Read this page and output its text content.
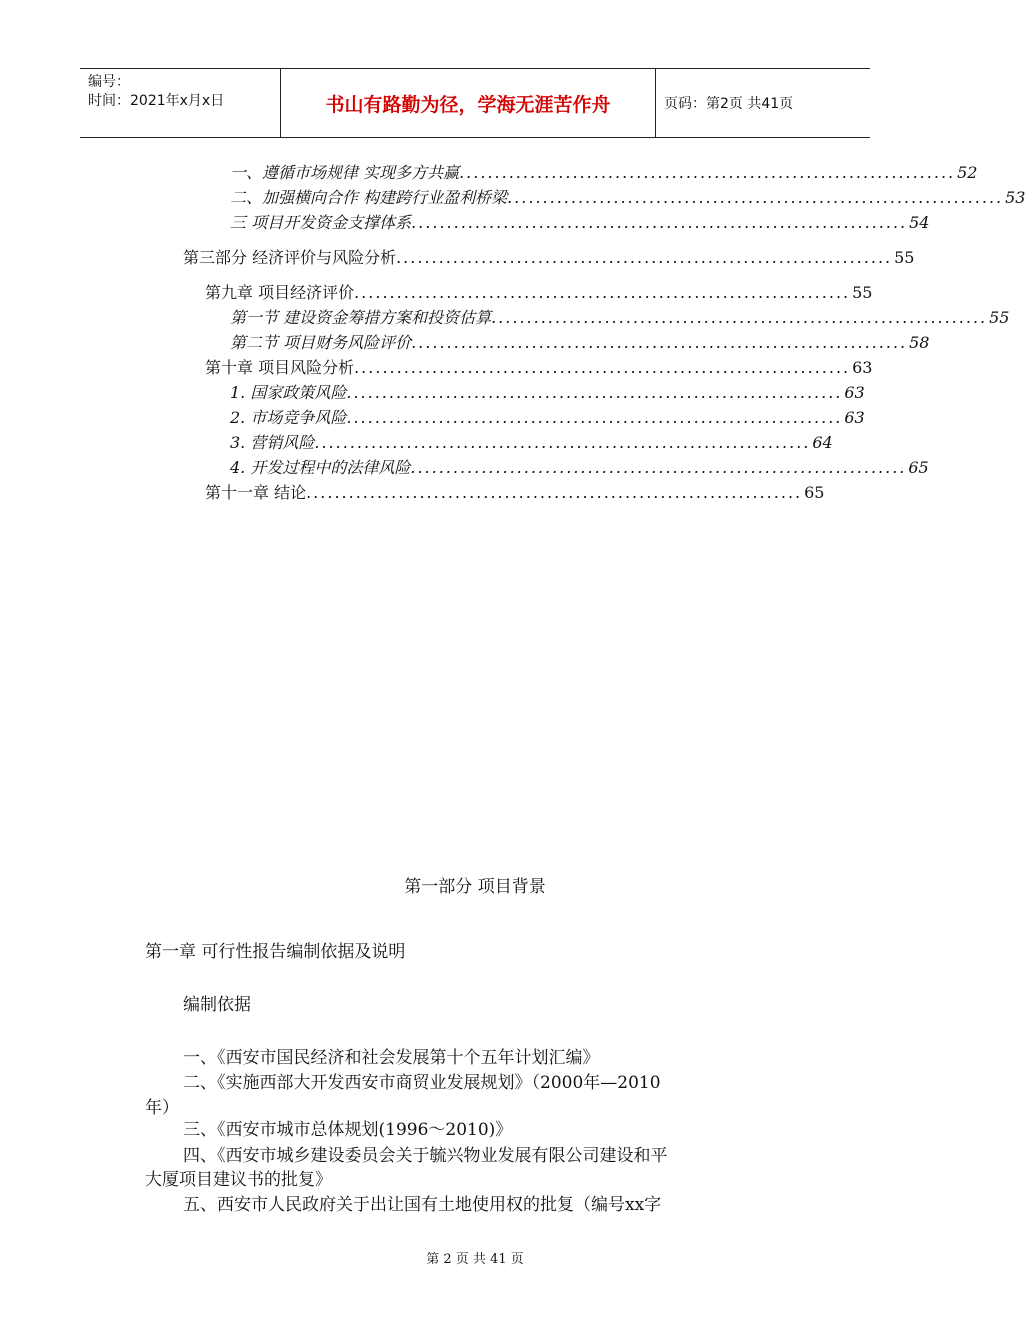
编号：
时间：2021年x月x日	书山有路勤为径，学海无涯苦作舟	页码：第2页 共41页
一、遵循市场规律 实现多方共赢 ...................................................................... 52
二、加强横向合作 构建跨行业盈利桥梁 ...................................................................... 53
三 项目开发资金支撑体系 ...................................................................... 54
第三部分 经济评价与风险分析 ...................................................................... 55
第九章 项目经济评价 ...................................................................... 55
第一节 建设资金筹措方案和投资估算 ...................................................................... 55
第二节 项目财务风险评价 ...................................................................... 58
第十章 项目风险分析 ...................................................................... 63
1. 国家政策风险 ...................................................................... 63
2. 市场竞争风险 ...................................................................... 63
3. 营销风险 ...................................................................... 64
4. 开发过程中的法律风险 ...................................................................... 65
第十一章 结论 ...................................................................... 65
第一部分 项目背景
第一章 可行性报告编制依据及说明
编制依据
一、《西安市国民经济和社会发展第十个五年计划汇编》
二、《实施西部大开发西安市商贸业发展规划》（2000年—2010
年）
三、《西安市城市总体规划(1996～2010)》
四、《西安市城乡建设委员会关于毓兴物业发展有限公司建设和平
大厦项目建议书的批复》
五、西安市人民政府关于出让国有土地使用权的批复（编号xx字
第 2 页 共 41 页
